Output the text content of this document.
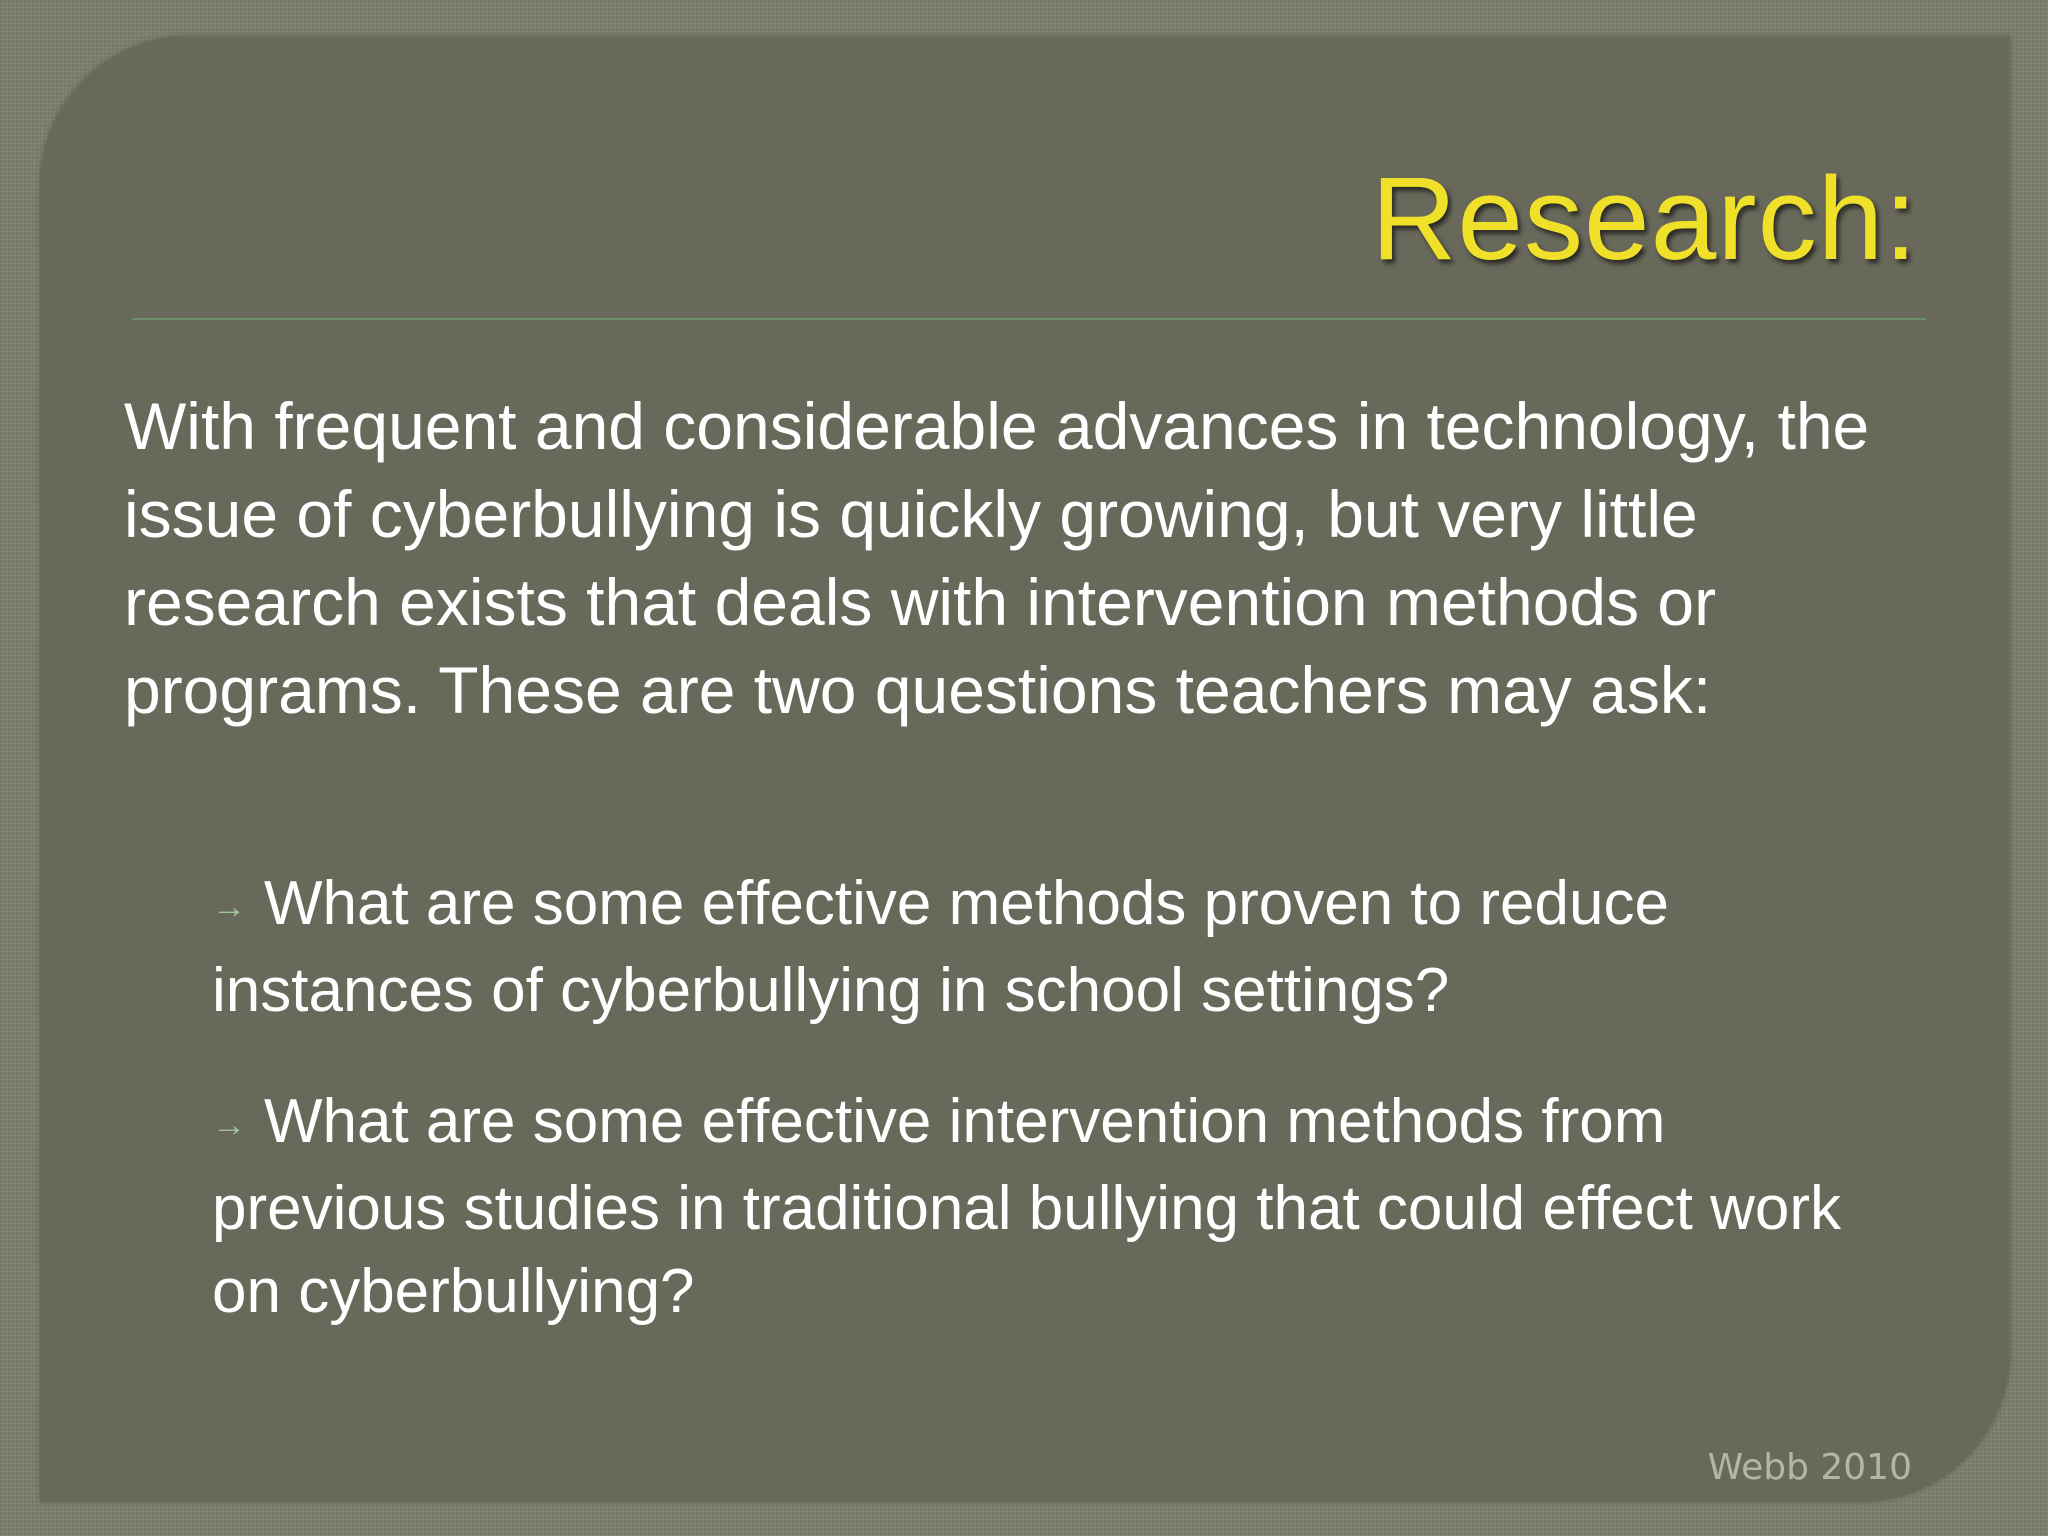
Research:
With frequent and considerable advances in technology, the issue of cyberbullying is quickly growing, but very little research exists that deals with intervention methods or programs. These are two questions teachers may ask:
→ What are some effective methods proven to reduce instances of cyberbullying in school settings?
→ What are some effective intervention methods from previous studies in traditional bullying that could effect work on cyberbullying?
Webb 2010
